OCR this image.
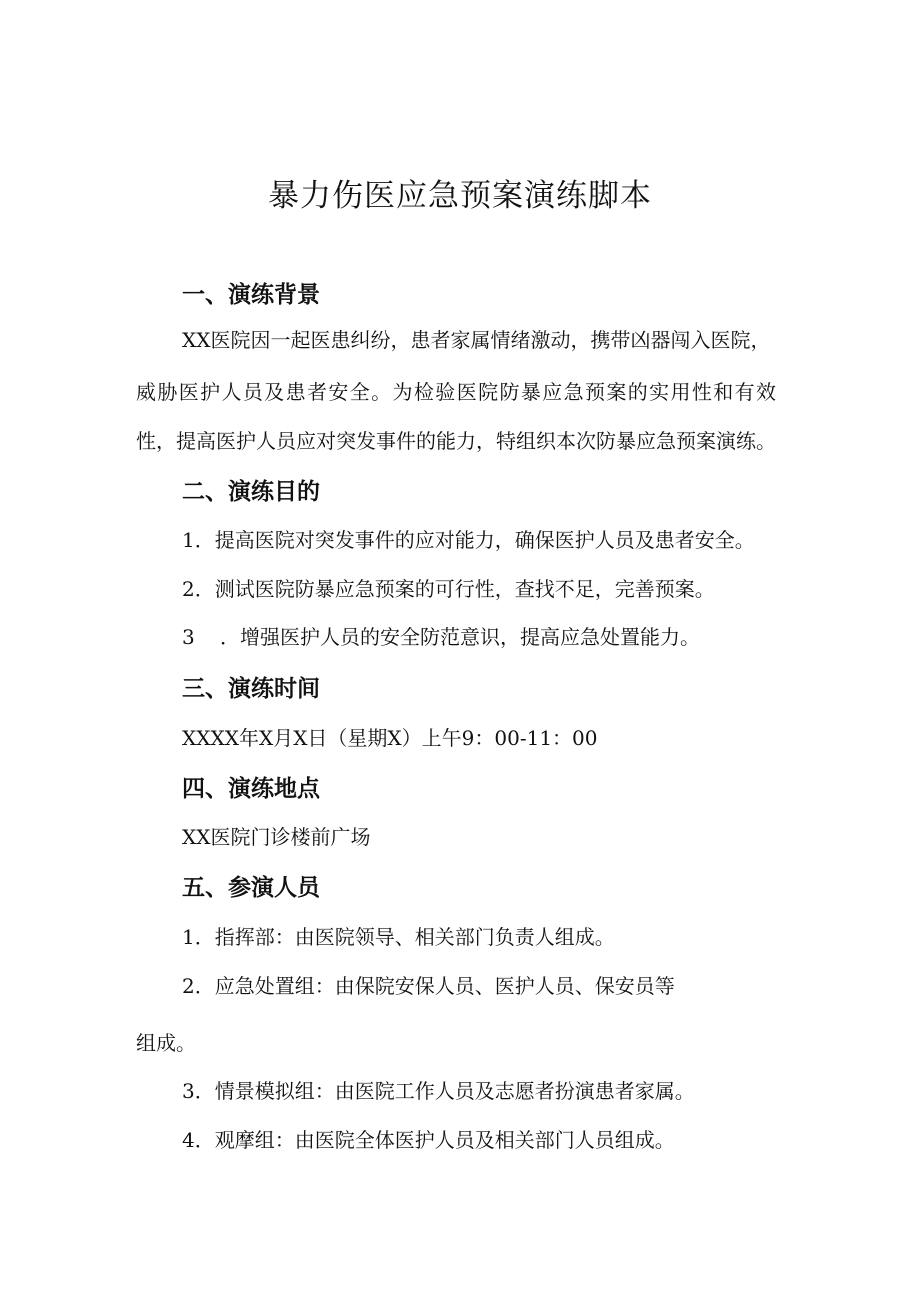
暴力伤医应急预案演练脚本
一、演练背景

XX医院因一起医患纠纷，患者家属情绪激动，携带凶器闯入医院，

威胁医护人员及患者安全。为检验医院防暴应急预案的实用性和有效

性，提高医护人员应对突发事件的能力，特组织本次防暴应急预案演练。

二、演练目的

1．提高医院对突发事件的应对能力，确保医护人员及患者安全。

2．测试医院防暴应急预案的可行性，查找不足，完善预案。

3 ．增强医护人员的安全防范意识，提高应急处置能力。

三、演练时间

XXXX年X月X日（星期X）上午9：00-11：00

四、演练地点

XX医院门诊楼前广场

五、参演人员

1．指挥部：由医院领导、相关部门负责人组成。

2．应急处置组：由保院安保人员、医护人员、保安员等

组成。

3．情景模拟组：由医院工作人员及志愿者扮演患者家属。

4．观摩组：由医院全体医护人员及相关部门人员组成。
